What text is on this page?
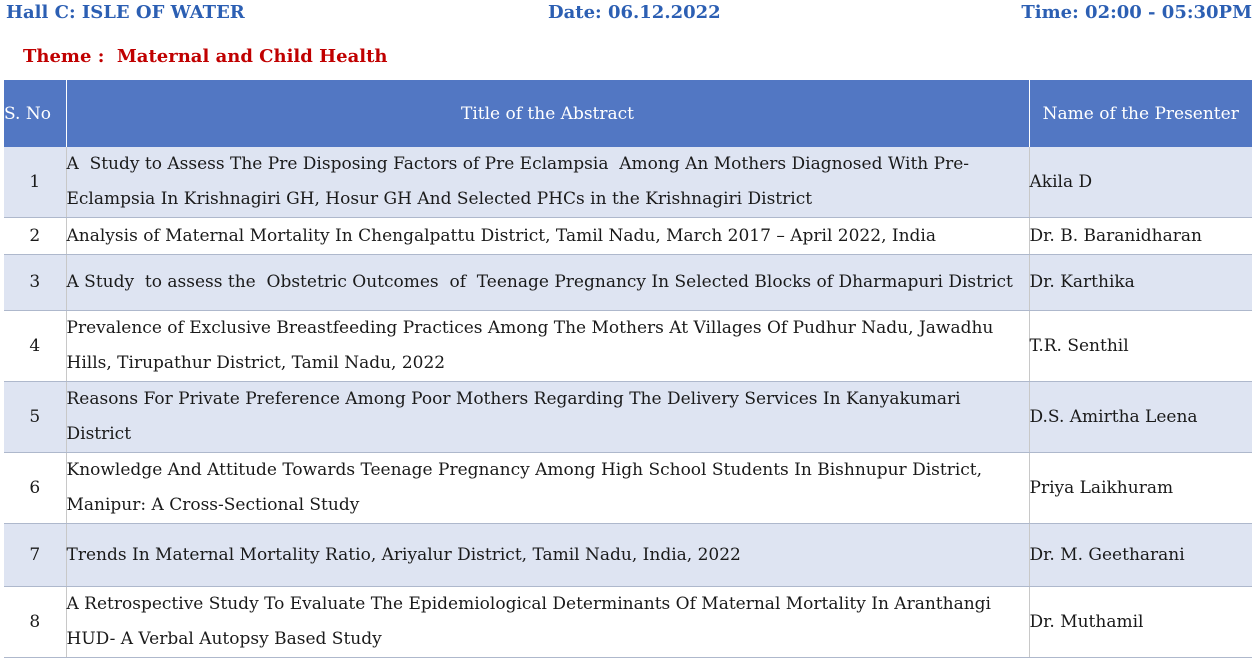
Hall C: ISLE OF WATER	Date: 06.12.2022	Time: 02:00 - 05:30PM
Theme :  Maternal and Child Health
S. No	Title of the Abstract	Name of the Presenter
1	A  Study to Assess The Pre Disposing Factors of Pre Eclampsia  Among An Mothers Diagnosed With Pre-Eclampsia In Krishnagiri GH, Hosur GH And Selected PHCs in the Krishnagiri District	Akila D
2	Analysis of Maternal Mortality In Chengalpattu District, Tamil Nadu, March 2017 – April 2022, India	Dr. B. Baranidharan
3	A Study  to assess the  Obstetric Outcomes  of  Teenage Pregnancy In Selected Blocks of Dharmapuri District	Dr. Karthika
4	Prevalence of Exclusive Breastfeeding Practices Among The Mothers At Villages Of Pudhur Nadu, Jawadhu Hills, Tirupathur District, Tamil Nadu, 2022	T.R. Senthil
5	Reasons For Private Preference Among Poor Mothers Regarding The Delivery Services In Kanyakumari District	D.S. Amirtha Leena
6	Knowledge And Attitude Towards Teenage Pregnancy Among High School Students In Bishnupur District, Manipur: A Cross-Sectional Study	Priya Laikhuram
7	Trends In Maternal Mortality Ratio, Ariyalur District, Tamil Nadu, India, 2022	Dr. M. Geetharani
8	A Retrospective Study To Evaluate The Epidemiological Determinants Of Maternal Mortality In Aranthangi HUD- A Verbal Autopsy Based Study	Dr. Muthamil
